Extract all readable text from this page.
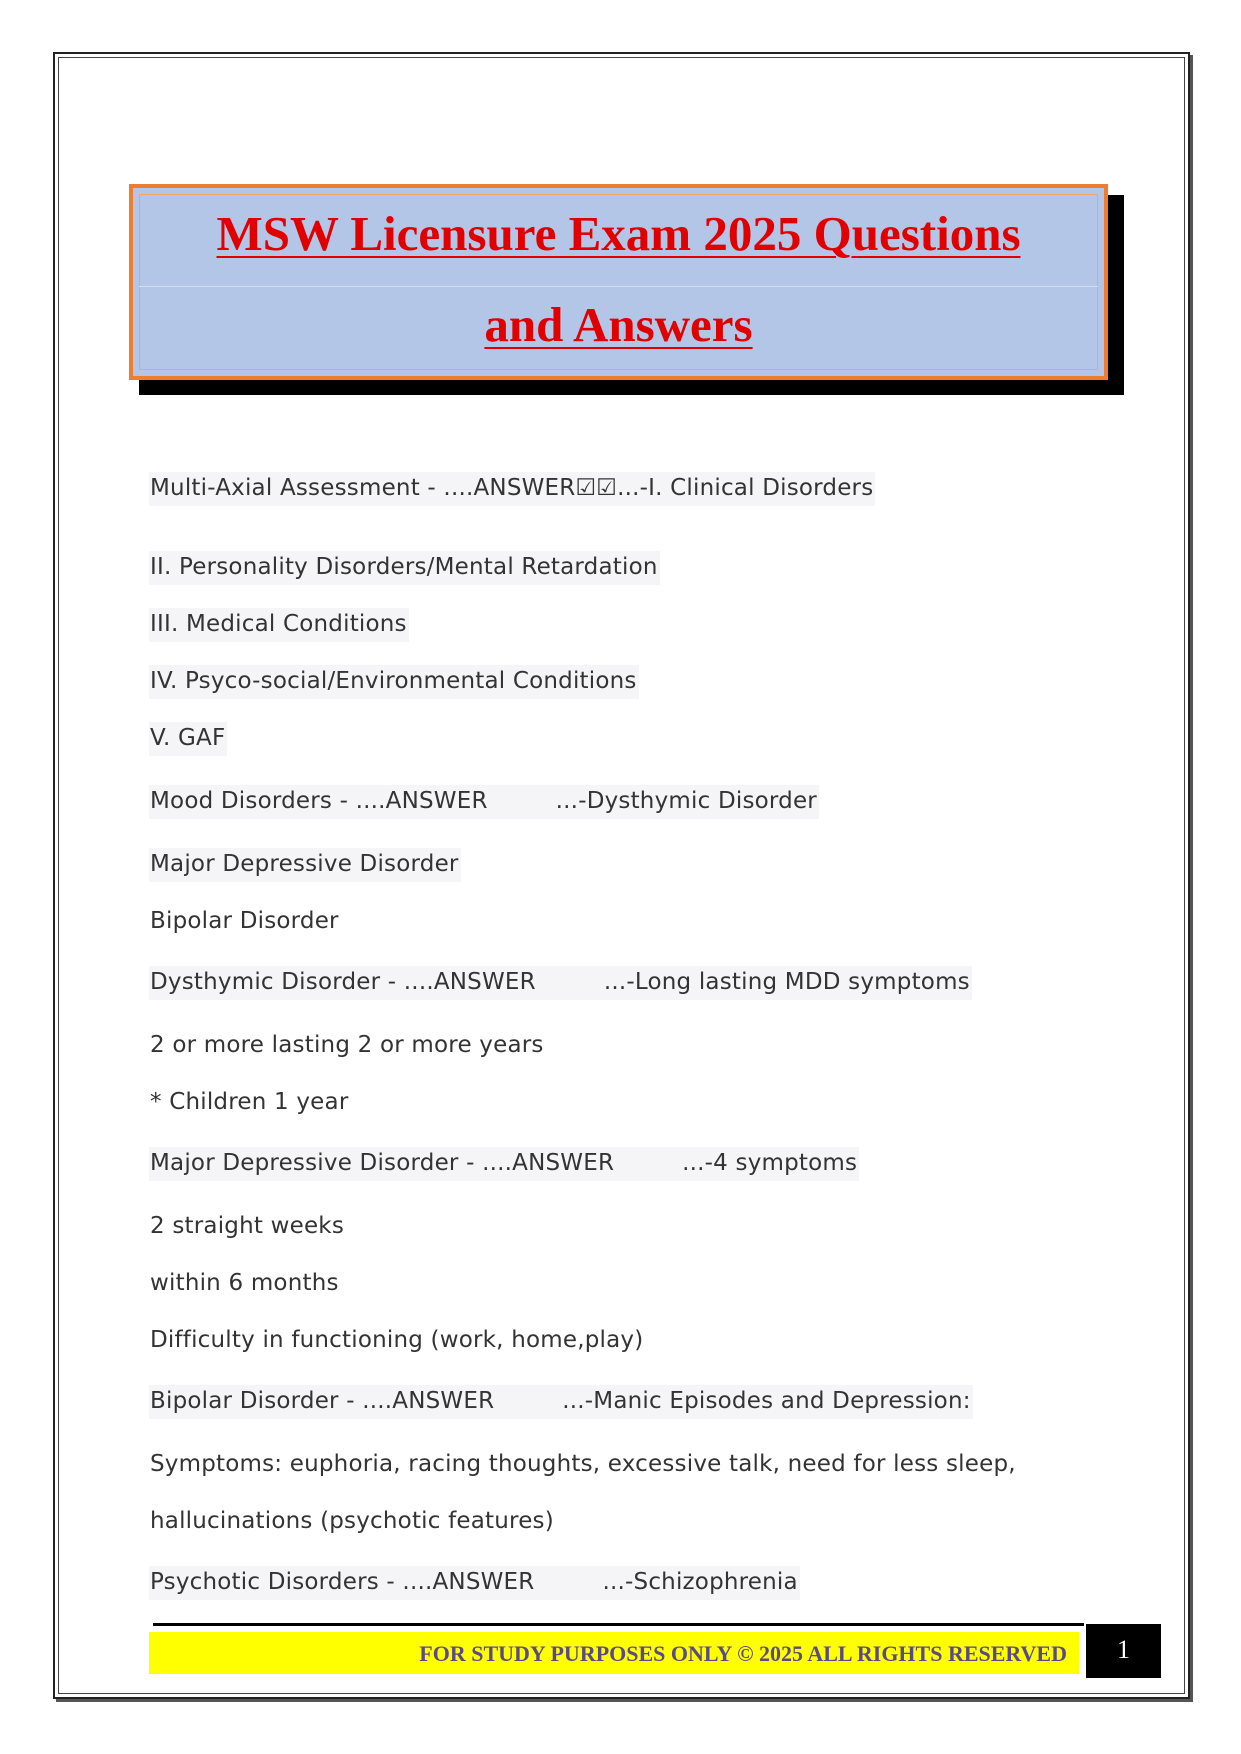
MSW Licensure Exam 2025 Questions
and Answers
Multi-Axial Assessment - ....ANSWER☑☑...-I. Clinical Disorders
II. Personality Disorders/Mental Retardation
III. Medical Conditions
IV. Psyco-social/Environmental Conditions
V. GAF
Mood Disorders - ....ANSWER	...-Dysthymic Disorder
Major Depressive Disorder
Bipolar Disorder
Dysthymic Disorder - ....ANSWER	...-Long lasting MDD symptoms
2 or more lasting 2 or more years
* Children 1 year
Major Depressive Disorder - ....ANSWER	...-4 symptoms
2 straight weeks
within 6 months
Difficulty in functioning (work, home,play)
Bipolar Disorder - ....ANSWER	...-Manic Episodes and Depression:
Symptoms: euphoria, racing thoughts, excessive talk, need for less sleep,
hallucinations (psychotic features)
Psychotic Disorders - ....ANSWER	...-Schizophrenia
FOR STUDY PURPOSES ONLY © 2025 ALL RIGHTS RESERVED	1
